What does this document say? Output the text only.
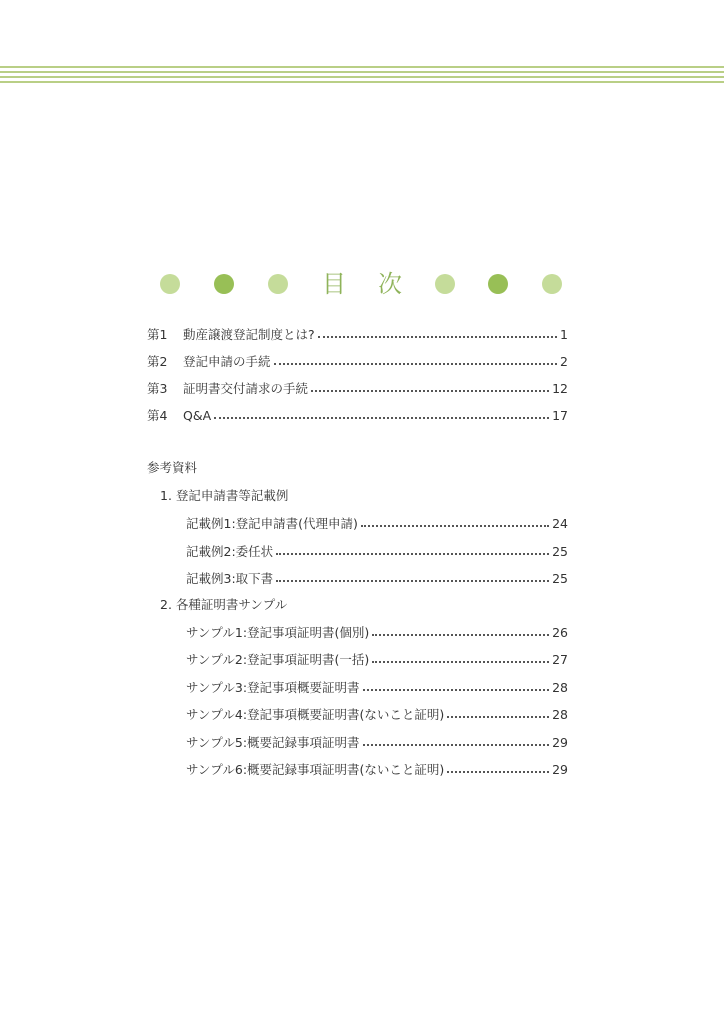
目 次
第1 動産譲渡登記制度とは?	1
第2 登記申請の手続	2
第3 証明書交付請求の手続	12
第4 Q&A	17
参考資料
1. 登記申請書等記載例
記載例1:登記申請書(代理申請)	24
記載例2:委任状	25
記載例3:取下書	25
2. 各種証明書サンプル
サンプル1:登記事項証明書(個別)	26
サンプル2:登記事項証明書(一括)	27
サンプル3:登記事項概要証明書	28
サンプル4:登記事項概要証明書(ないこと証明)	28
サンプル5:概要記録事項証明書	29
サンプル6:概要記録事項証明書(ないこと証明)	29
